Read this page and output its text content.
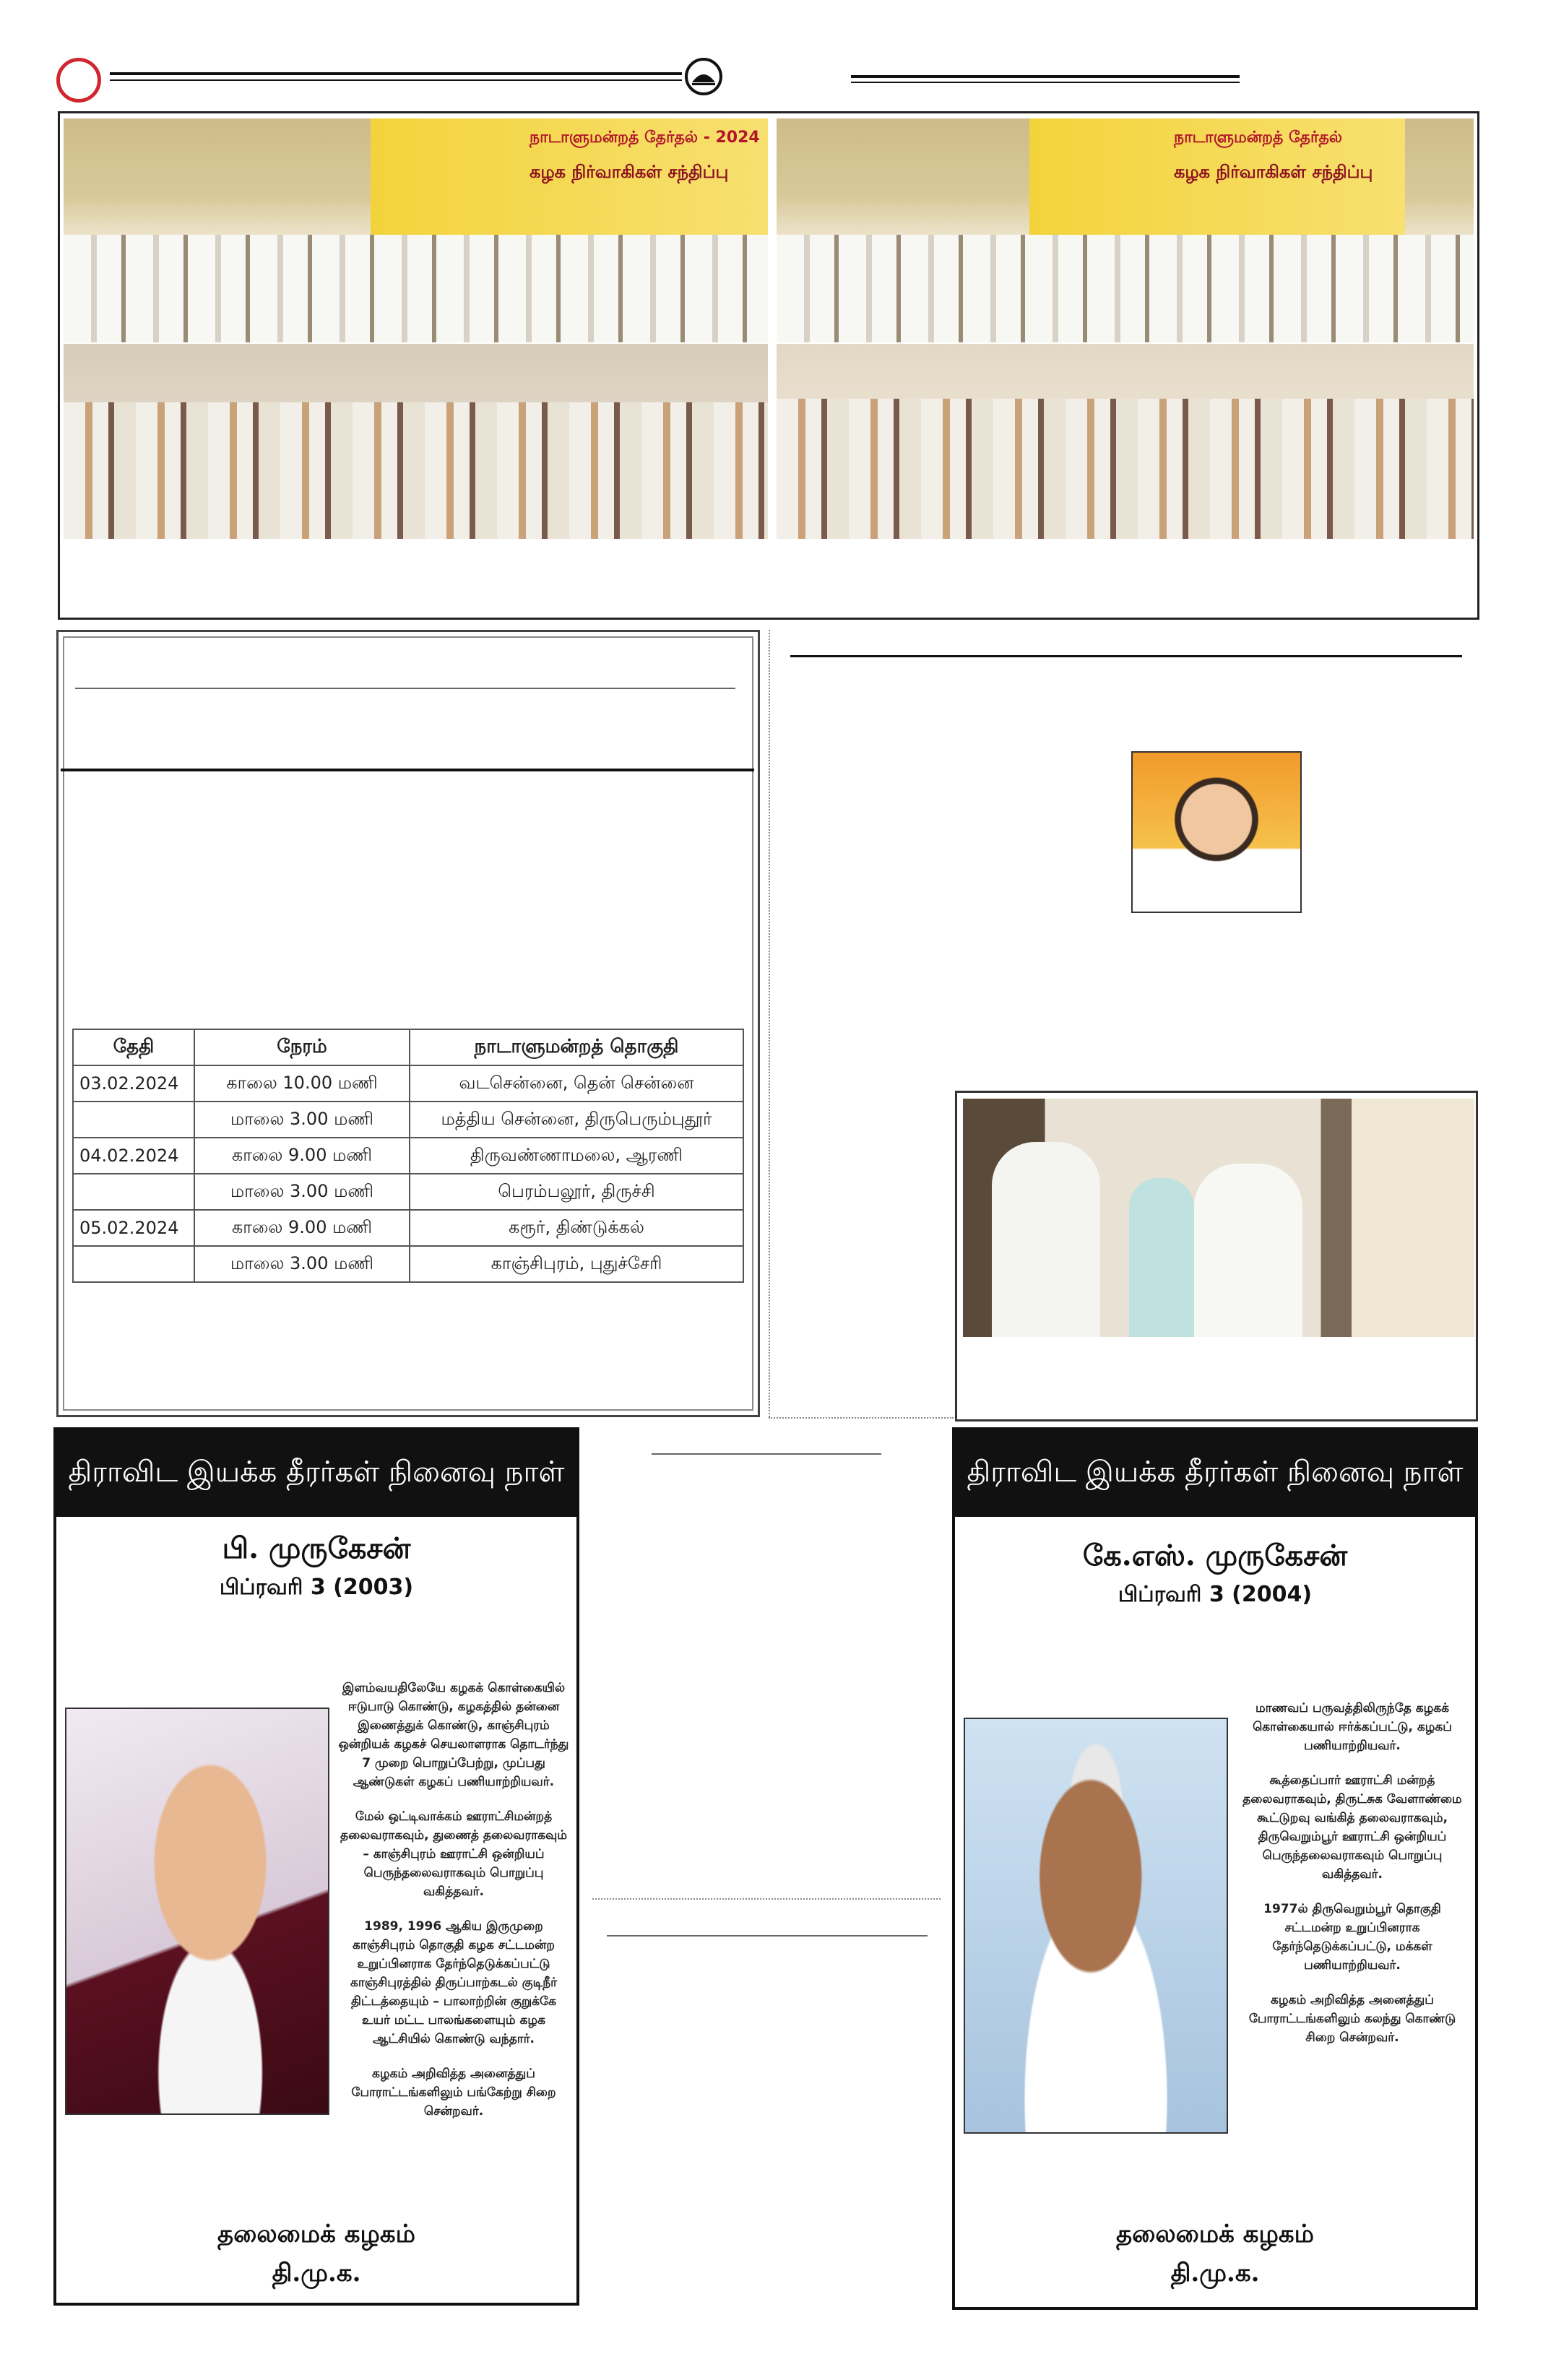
நாடாளுமன்றத் தேர்தல் - 2024
கழக நிர்வாகிகள் சந்திப்பு
நாடாளுமன்றத் தேர்தல்
கழக நிர்வாகிகள் சந்திப்பு
தேதி	நேரம்	நாடாளுமன்றத் தொகுதி
03.02.2024	காலை 10.00 மணி	வடசென்னை, தென் சென்னை
	மாலை 3.00 மணி	மத்திய சென்னை, திருபெரும்புதூர்
04.02.2024	காலை 9.00 மணி	திருவண்ணாமலை, ஆரணி
	மாலை 3.00 மணி	பெரம்பலூர், திருச்சி
05.02.2024	காலை 9.00 மணி	கரூர், திண்டுக்கல்
	மாலை 3.00 மணி	காஞ்சிபுரம், புதுச்சேரி
திராவிட இயக்க தீரர்கள் நினைவு நாள்
பி. முருகேசன்
பிப்ரவரி 3 (2003)

இளம்வயதிலேயே கழகக் கொள்கையில் ஈடுபாடு கொண்டு, கழகத்தில் தன்னை இணைத்துக் கொண்டு, காஞ்சிபுரம் ஒன்றியக் கழகச் செயலாளராக தொடர்ந்து 7 முறை பொறுப்பேற்று, முப்பது ஆண்டுகள் கழகப் பணியாற்றியவர்.

மேல் ஒட்டிவாக்கம் ஊராட்சிமன்றத் தலைவராகவும், துணைத் தலைவராகவும் – காஞ்சிபுரம் ஊராட்சி ஒன்றியப் பெருந்தலைவராகவும் பொறுப்பு வகித்தவர்.

1989, 1996 ஆகிய இருமுறை காஞ்சிபுரம் தொகுதி கழக சட்டமன்ற உறுப்பினராக தேர்ந்தெடுக்கப்பட்டு காஞ்சிபுரத்தில் திருப்பாற்கடல் குடிநீர் திட்டத்தையும் – பாலாற்றின் குறுக்கே உயர் மட்ட பாலங்களையும் கழக ஆட்சியில் கொண்டு வந்தார்.

கழகம் அறிவித்த அனைத்துப் போராட்டங்களிலும் பங்கேற்று சிறை சென்றவர்.

தலைமைக் கழகம்
தி.மு.க.
திராவிட இயக்க தீரர்கள் நினைவு நாள்
கே.எஸ். முருகேசன்
பிப்ரவரி 3 (2004)

மாணவப் பருவத்திலிருந்தே கழகக் கொள்கையால் ஈர்க்கப்பட்டு, கழகப் பணியாற்றியவர்.

கூத்தைப்பார் ஊராட்சி மன்றத் தலைவராகவும், திருட்சுக வேளாண்மை கூட்டுறவு வங்கித் தலைவராகவும், திருவெறும்பூர் ஊராட்சி ஒன்றியப் பெருந்தலைவராகவும் பொறுப்பு வகித்தவர்.

1977ல் திருவெறும்பூர் தொகுதி சட்டமன்ற உறுப்பினராக தேர்ந்தெடுக்கப்பட்டு, மக்கள் பணியாற்றியவர்.

கழகம் அறிவித்த அனைத்துப் போராட்டங்களிலும் கலந்து கொண்டு சிறை சென்றவர்.

தலைமைக் கழகம்
தி.மு.க.
